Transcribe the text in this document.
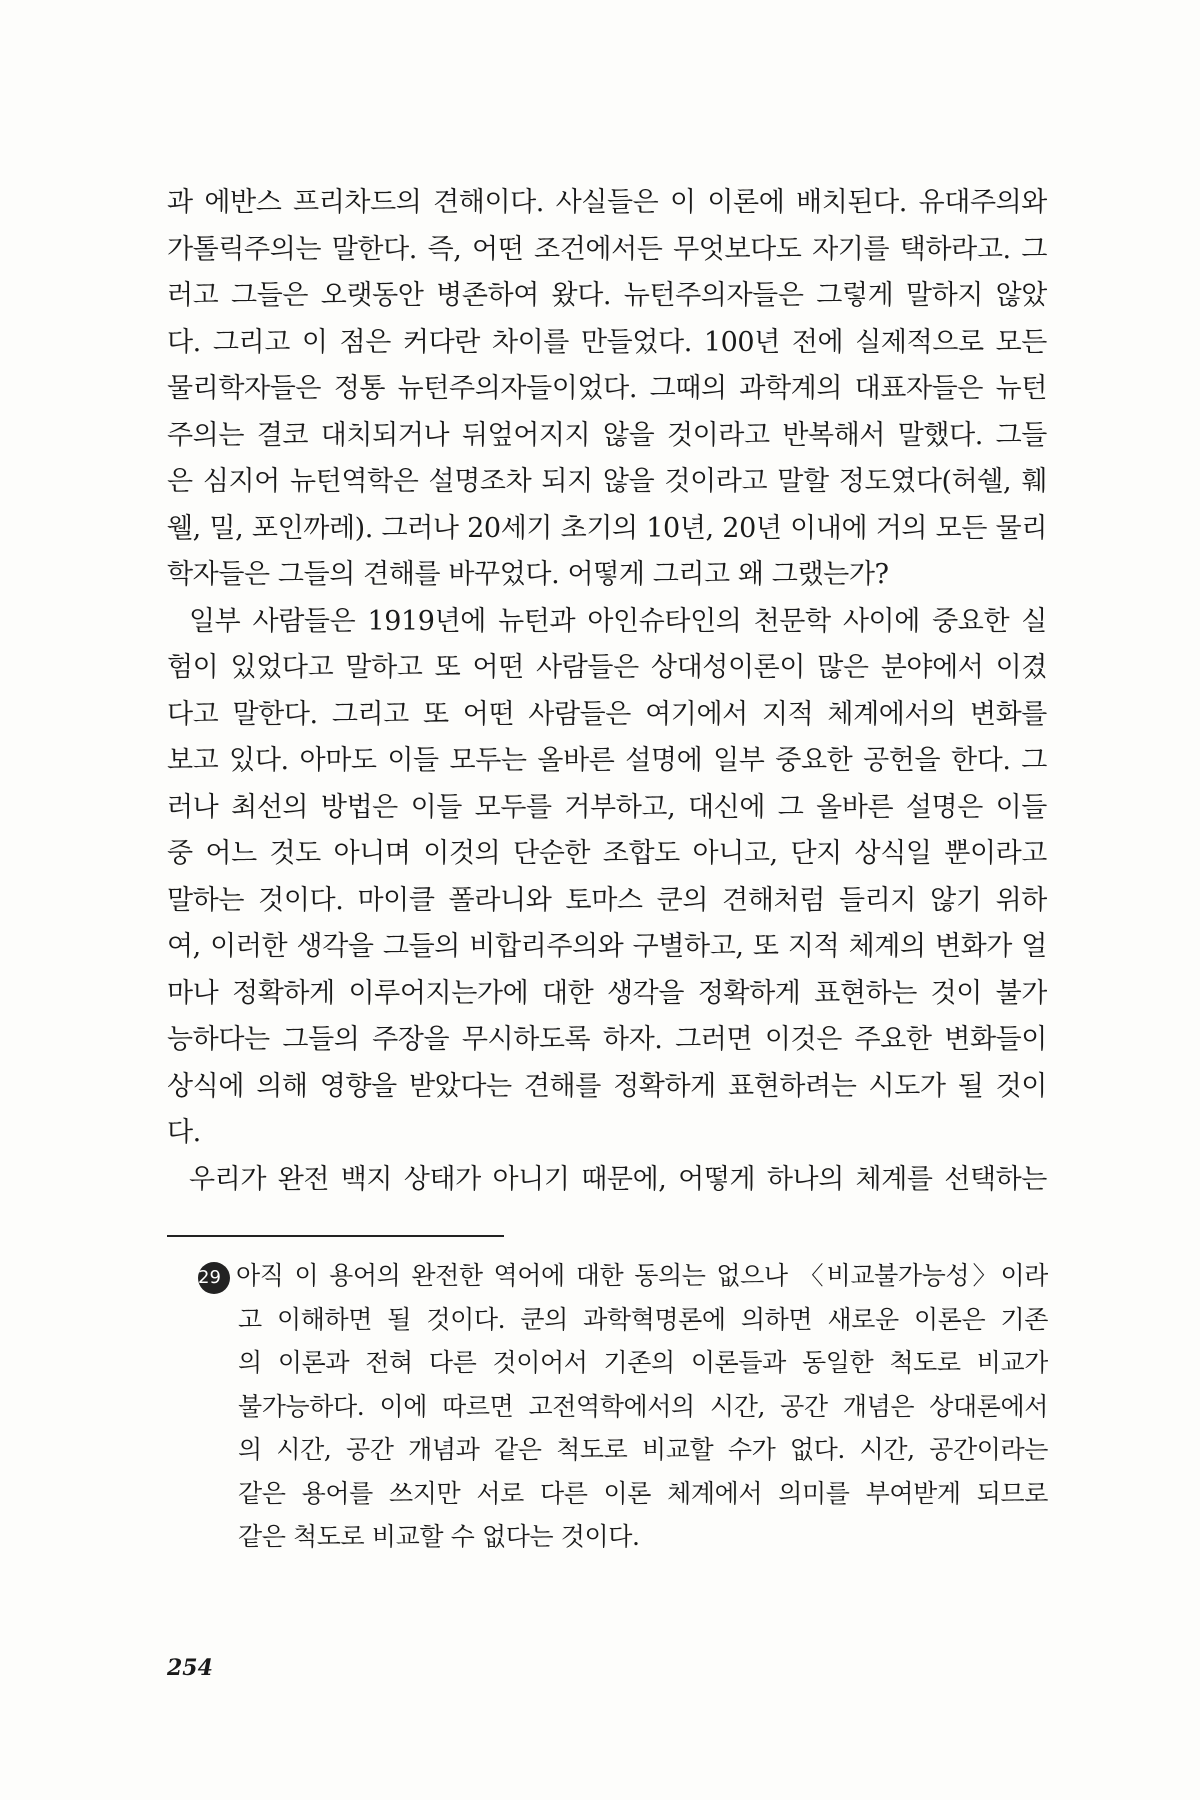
과 에반스 프리차드의 견해이다. 사실들은 이 이론에 배치된다. 유대주의와
가톨릭주의는 말한다. 즉, 어떤 조건에서든 무엇보다도 자기를 택하라고. 그
러고 그들은 오랫동안 병존하여 왔다. 뉴턴주의자들은 그렇게 말하지 않았
다. 그리고 이 점은 커다란 차이를 만들었다. 100년 전에 실제적으로 모든
물리학자들은 정통 뉴턴주의자들이었다. 그때의 과학계의 대표자들은 뉴턴
주의는 결코 대치되거나 뒤엎어지지 않을 것이라고 반복해서 말했다. 그들
은 심지어 뉴턴역학은 설명조차 되지 않을 것이라고 말할 정도였다(허쉘, 훼
웰, 밀, 포인까레). 그러나 20세기 초기의 10년, 20년 이내에 거의 모든 물리
학자들은 그들의 견해를 바꾸었다. 어떻게 그리고 왜 그랬는가?
일부 사람들은 1919년에 뉴턴과 아인슈타인의 천문학 사이에 중요한 실
험이 있었다고 말하고 또 어떤 사람들은 상대성이론이 많은 분야에서 이겼
다고 말한다. 그리고 또 어떤 사람들은 여기에서 지적 체계에서의 변화를
보고 있다. 아마도 이들 모두는 올바른 설명에 일부 중요한 공헌을 한다. 그
러나 최선의 방법은 이들 모두를 거부하고, 대신에 그 올바른 설명은 이들
중 어느 것도 아니며 이것의 단순한 조합도 아니고, 단지 상식일 뿐이라고
말하는 것이다. 마이클 폴라니와 토마스 쿤의 견해처럼 들리지 않기 위하
여, 이러한 생각을 그들의 비합리주의와 구별하고, 또 지적 체계의 변화가 얼
마나 정확하게 이루어지는가에 대한 생각을 정확하게 표현하는 것이 불가
능하다는 그들의 주장을 무시하도록 하자. 그러면 이것은 주요한 변화들이
상식에 의해 영향을 받았다는 견해를 정확하게 표현하려는 시도가 될 것이
다.
우리가 완전 백지 상태가 아니기 때문에, 어떻게 하나의 체계를 선택하는
29 아직 이 용어의 완전한 역어에 대한 동의는 없으나 〈비교불가능성〉이라
고 이해하면 될 것이다. 쿤의 과학혁명론에 의하면 새로운 이론은 기존
의 이론과 전혀 다른 것이어서 기존의 이론들과 동일한 척도로 비교가
불가능하다. 이에 따르면 고전역학에서의 시간, 공간 개념은 상대론에서
의 시간, 공간 개념과 같은 척도로 비교할 수가 없다. 시간, 공간이라는
같은 용어를 쓰지만 서로 다른 이론 체계에서 의미를 부여받게 되므로
같은 척도로 비교할 수 없다는 것이다.
254
